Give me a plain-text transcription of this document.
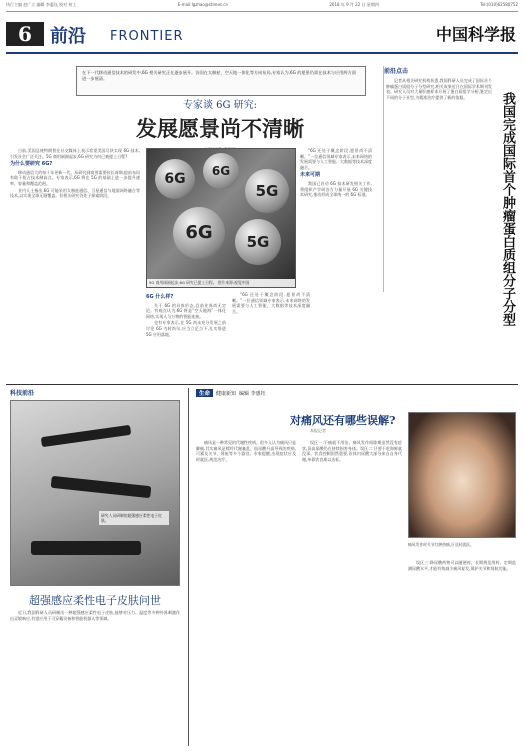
执行主编 赵广立 编辑 李惠钰 校对 何工	E-mail:lgzhao@stimes.cn	2018 年 9 月 22 日 星期四	Tel:(010)62580752
6	前沿 FRONTIER	中国科学报
在下一代移动通信技术的研发中,6G 相关研究正在逐步展开。各国在太赫兹、空天地一体化等方向布局,专家认为,6G 的愿景仍需在技术与应用两方面进一步厘清。
专家谈 6G 研究:
发展愿景尚不清晰

日前,美国总统特朗普在社交媒体上表示希望美国尽快实现 6G 技术,引发社会广泛关注。5G 商用刚刚起步,6G 研究为何已被提上日程?

为什么要研究 6G?

移动通信大约每十年更新一代。从研究到商用需要较长周期,提前布局有助于抢占技术制高点。专家表示,6G 将在 5G 的基础上进一步提升速率、容量和覆盖范围。

业内人士指出,6G 可能采用太赫兹通信、卫星通信与地面网络融合等技术,以实现全球无缝覆盖。但相关研究仍处于探索阶段。

6G	6G
5G
6G	5G
5G 商用刚刚起步,6G 研究已提上日程。 图片来源:视觉中国
6G 什么样?

关于 6G 的具体形态,目前业界尚无定论。有观点认为,6G 将是“空天地海”一体化网络,实现人与万物的智能连接。

也有专家表示,在 5G 尚未充分发展之前讨论 6G 为时尚早,应当立足当下,扎实推进 5G 应用落地。

“6G 还处于概念阶段,愿景尚不清晰。”一位通信领域专家表示,未来网络的发展需要与人工智能、大数据等技术深度融合。

“6G 还处于概念阶段,愿景尚不清晰。”一位通信领域专家表示,未来网络的发展需要与人工智能、大数据等技术深度融合。

未来可期

我国已启动 6G 技术研发相关工作,将组织产学研各方力量开展 6G 关键技术研究,推动形成全球统一的 6G 标准。

前沿点击

记者从相关研究机构获悉,我国科研人员完成了国际首个肿瘤蛋白质组分子分型研究,相关成果近日在国际学术期刊发表。研究人员对大量肝癌样本开展了蛋白质组学分析,鉴定出不同的分子亚型,为精准治疗提供了新的依据。	我国完成国际首个肿瘤蛋白质组分子分型
科技前沿
研究人员研制的超强感应柔性电子皮肤。
超强感应柔性电子皮肤问世

近日,我国科研人员研制出一种超强感应柔性电子皮肤,能够对压力、温度等多种外界刺激作出灵敏响应,有望应用于可穿戴设备和智能机器人等领域。

生命	健康新知 编辑 李惠钰
对痛风还有哪些误解?
本报记者

痛风是一种常见的代谢性疾病。很多人认为痛风只是脚痛,其实痛风是嘌呤代谢紊乱、血尿酸升高导致的疾病,可累及关节、肾脏等多个器官。专家提醒,出现症状应及时就医,规范治疗。

误区一:不痛就不用治。痛风发作间歇期虽然没有症状,但高尿酸仍在持续损害身体。误区二:只要不吃海鲜就没事。饮食控制固然重要,但体内尿酸大部分来自自身代谢,单靠饮食难以达标。

痛风发作时关节红肿热痛,应及时就医。

误区三:降尿酸药物可以随便停。长期规范用药、定期监测尿酸水平,才能有效减少痛风复发,保护关节和肾脏功能。
